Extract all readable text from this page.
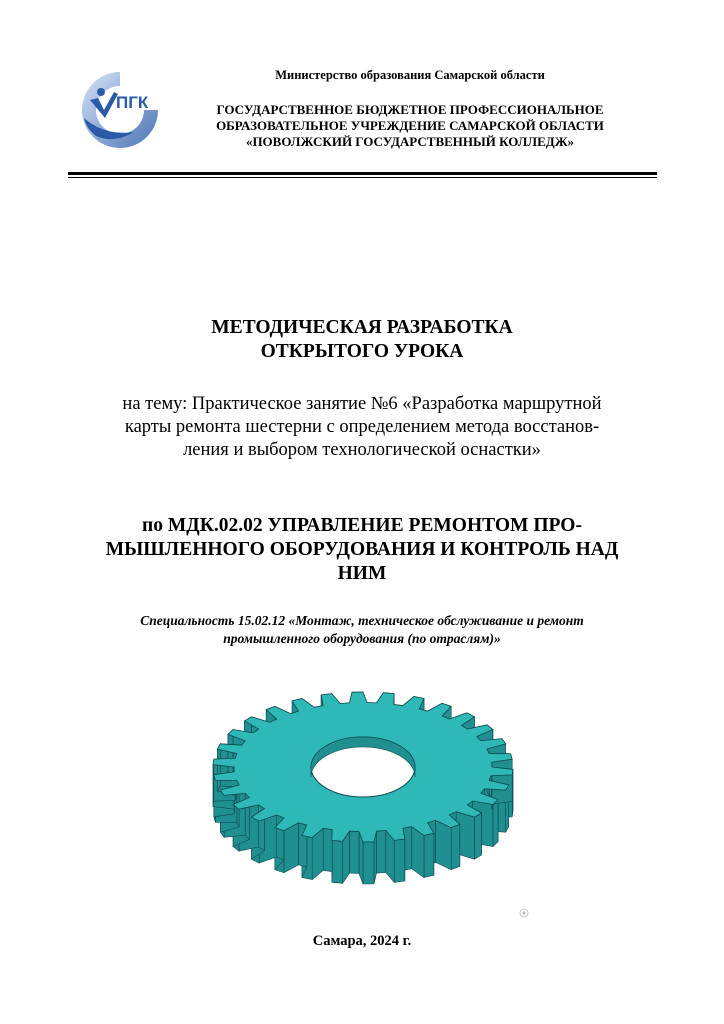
ПГК
Министерство образования Самарской области
ГОСУДАРСТВЕННОЕ БЮДЖЕТНОЕ ПРОФЕССИОНАЛЬНОЕ
ОБРАЗОВАТЕЛЬНОЕ УЧРЕЖДЕНИЕ САМАРСКОЙ ОБЛАСТИ
«ПОВОЛЖСКИЙ ГОСУДАРСТВЕННЫЙ КОЛЛЕДЖ»
МЕТОДИЧЕСКАЯ РАЗРАБОТКА
ОТКРЫТОГО УРОКА
на тему: Практическое занятие №6 «Разработка маршрутной
карты ремонта шестерни с определением метода восстанов-
ления и выбором технологической оснастки»
по МДК.02.02 УПРАВЛЕНИЕ РЕМОНТОМ ПРО-
МЫШЛЕННОГО ОБОРУДОВАНИЯ И КОНТРОЛЬ НАД
НИМ
Специальность 15.02.12 «Монтаж, техническое обслуживание и ремонт
промышленного оборудования (по отраслям)»
Самара, 2024 г.
